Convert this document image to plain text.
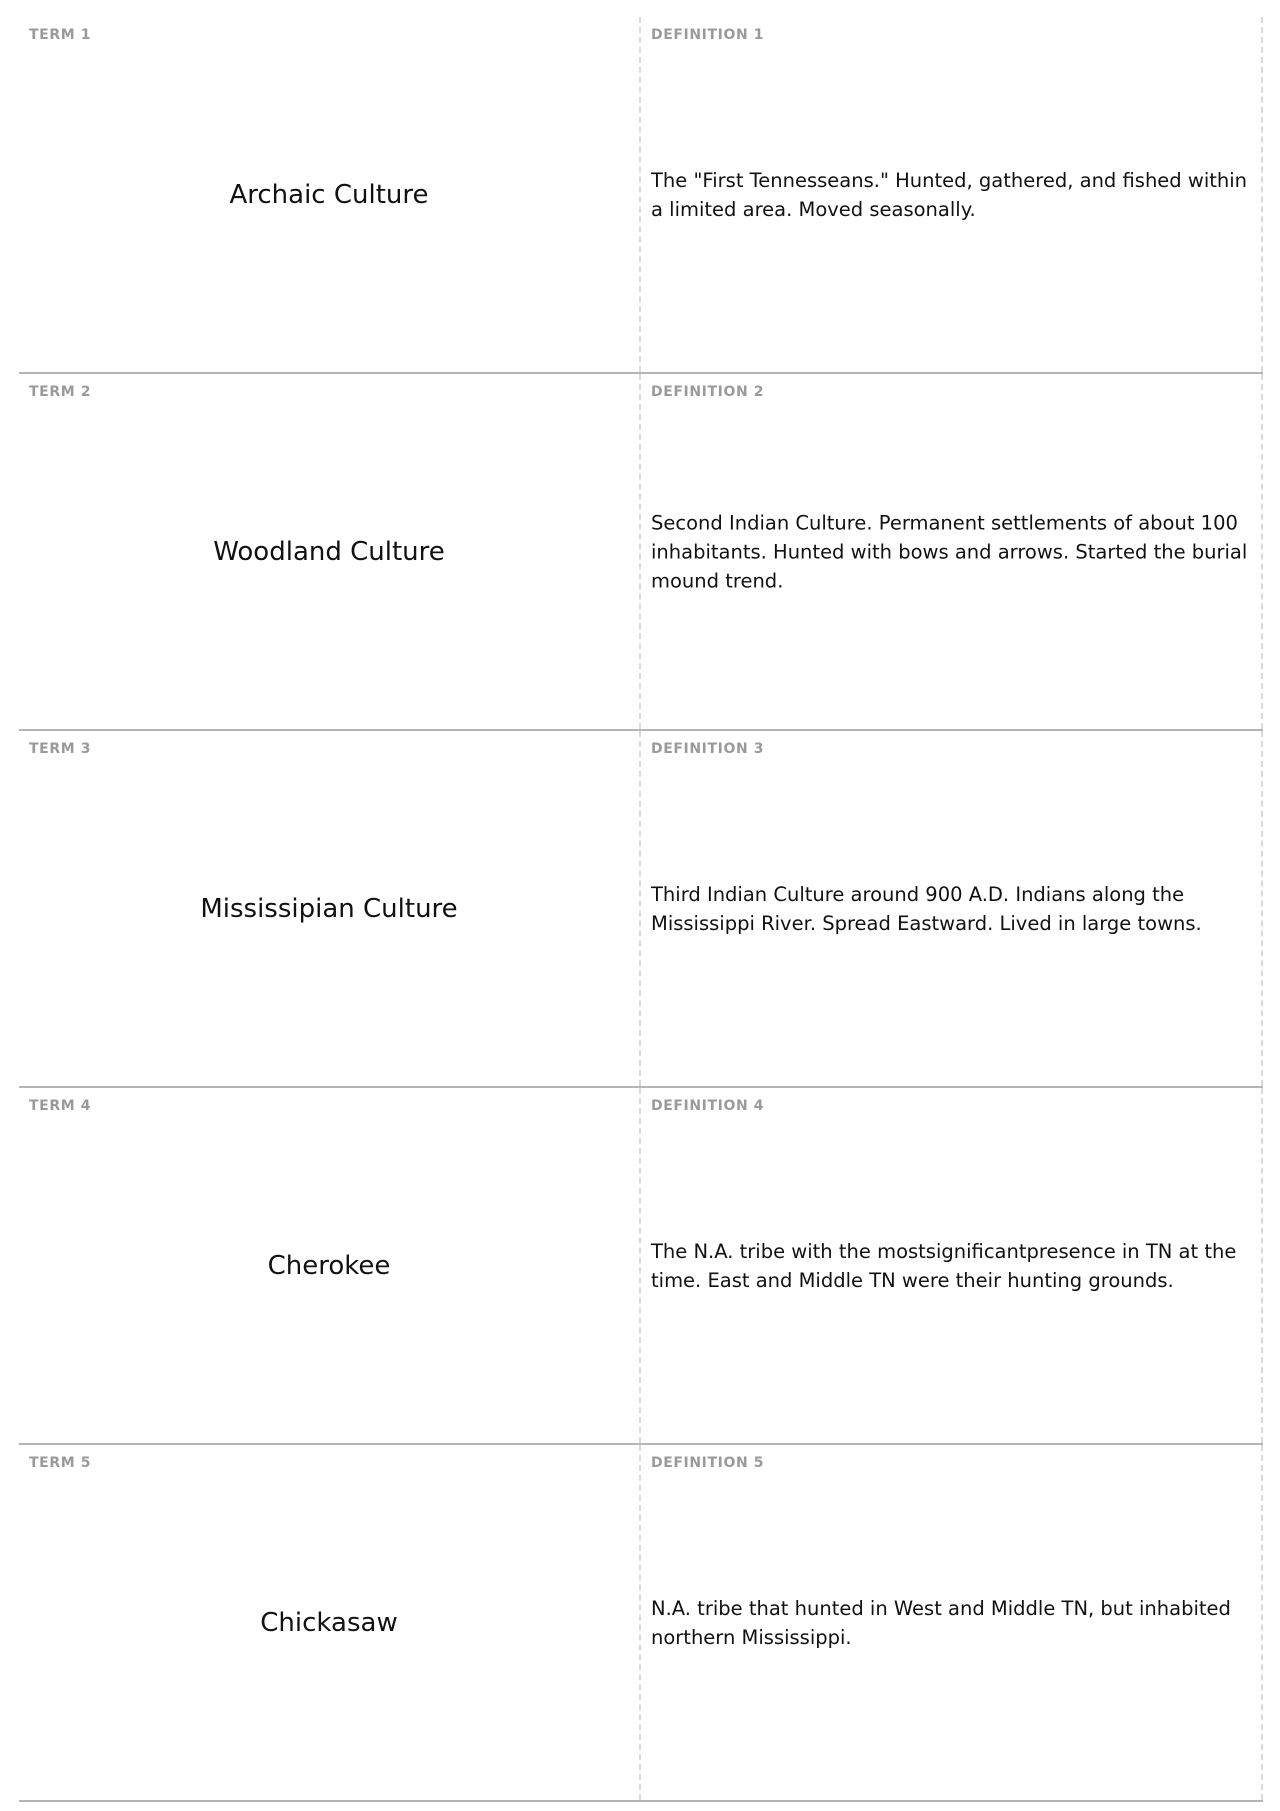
TERM 1
Archaic Culture
DEFINITION 1
The "First Tennesseans." Hunted, gathered, and fished within a limited area. Moved seasonally.
TERM 2
Woodland Culture
DEFINITION 2
Second Indian Culture. Permanent settlements of about 100 inhabitants. Hunted with bows and arrows. Started the burial mound trend.
TERM 3
Mississipian Culture
DEFINITION 3
Third Indian Culture around 900 A.D. Indians along the Mississippi River. Spread Eastward. Lived in large towns.
TERM 4
Cherokee
DEFINITION 4
The N.A. tribe with the mostsignificantpresence in TN at the time. East and Middle TN were their hunting grounds.
TERM 5
Chickasaw
DEFINITION 5
N.A. tribe that hunted in West and Middle TN, but inhabited northern Mississippi.
